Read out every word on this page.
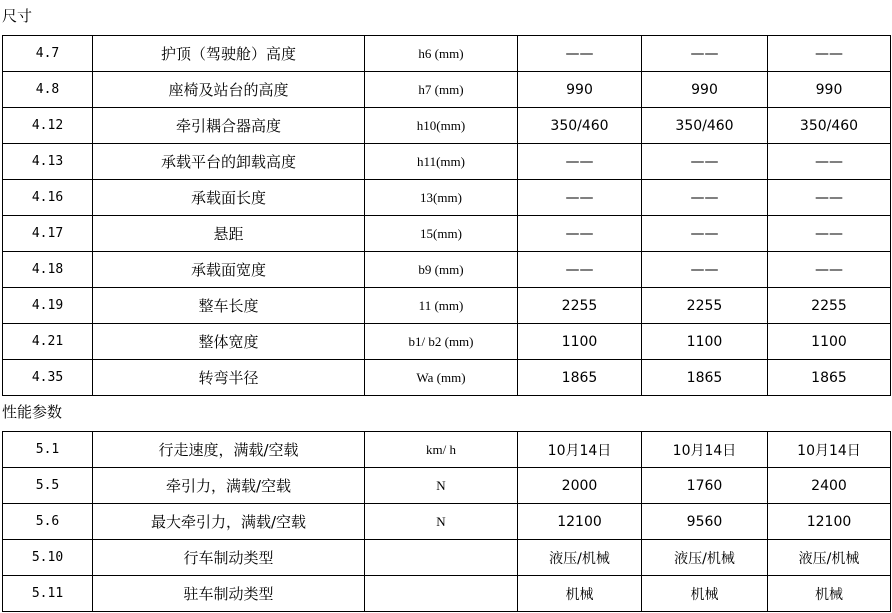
尺寸
4.7	护顶（驾驶舱）高度	h6 (mm)	——	——	——
4.8	座椅及站台的高度	h7 (mm)	990	990	990
4.12	牵引耦合器高度	h10(mm)	350/460	350/460	350/460
4.13	承载平台的卸载高度	h11(mm)	——	——	——
4.16	承载面长度	13(mm)	——	——	——
4.17	悬距	15(mm)	——	——	——
4.18	承载面宽度	b9 (mm)	——	——	——
4.19	整车长度	11 (mm)	2255	2255	2255
4.21	整体宽度	b1/ b2 (mm)	1100	1100	1100
4.35	转弯半径	Wa (mm)	1865	1865	1865
性能参数
5.1	行走速度，满载/空载	km/ h	10月14日	10月14日	10月14日
5.5	牵引力，满载/空载	N	2000	1760	2400
5.6	最大牵引力，满载/空载	N	12100	9560	12100
5.10	行车制动类型		液压/机械	液压/机械	液压/机械
5.11	驻车制动类型		机械	机械	机械
